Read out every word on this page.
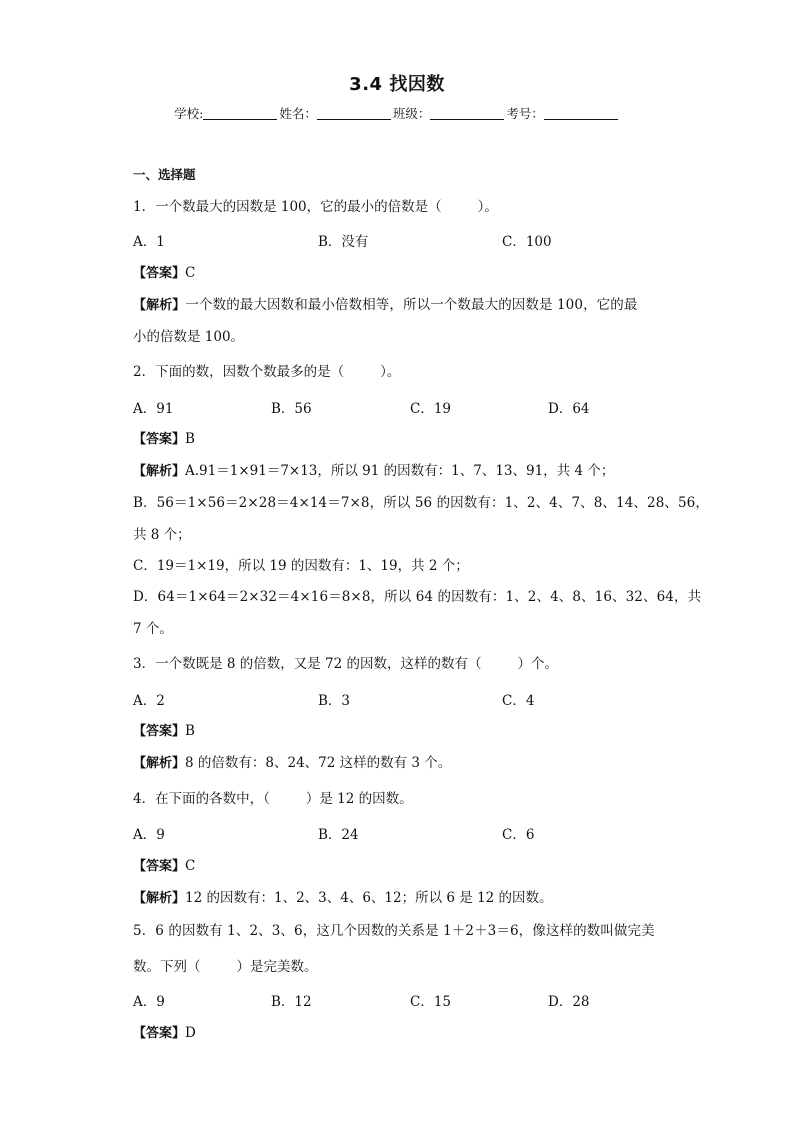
3.4 找因数
学校:	姓名：	班级：	考号：
一、选择题
1．一个数最大的因数是 100，它的最小的倍数是（	）。
A．1	B．没有	C．100
【答案】C
【解析】一个数的最大因数和最小倍数相等，所以一个数最大的因数是 100，它的最
小的倍数是 100。
2．下面的数，因数个数最多的是（	）。
A．91	B．56	C．19	D．64
【答案】B
【解析】A.91＝1×91＝7×13，所以 91 的因数有：1、7、13、91，共 4 个；
B．56＝1×56＝2×28＝4×14＝7×8，所以 56 的因数有：1、2、4、7、8、14、28、56，
共 8 个；
C．19＝1×19，所以 19 的因数有：1、19，共 2 个；
D．64＝1×64＝2×32＝4×16＝8×8，所以 64 的因数有：1、2、4、8、16、32、64，共
7 个。
3．一个数既是 8 的倍数，又是 72 的因数，这样的数有（	）个。
A．2	B．3	C．4
【答案】B
【解析】8 的倍数有：8、24、72 这样的数有 3 个。
4．在下面的各数中，（	）是 12 的因数。
A．9	B．24	C．6
【答案】C
【解析】12 的因数有：1、2、3、4、6、12；所以 6 是 12 的因数。
5．6 的因数有 1、2、3、6，这几个因数的关系是 1＋2＋3＝6，像这样的数叫做完美
数。下列（	）是完美数。
A．9	B．12	C．15	D．28
【答案】D
